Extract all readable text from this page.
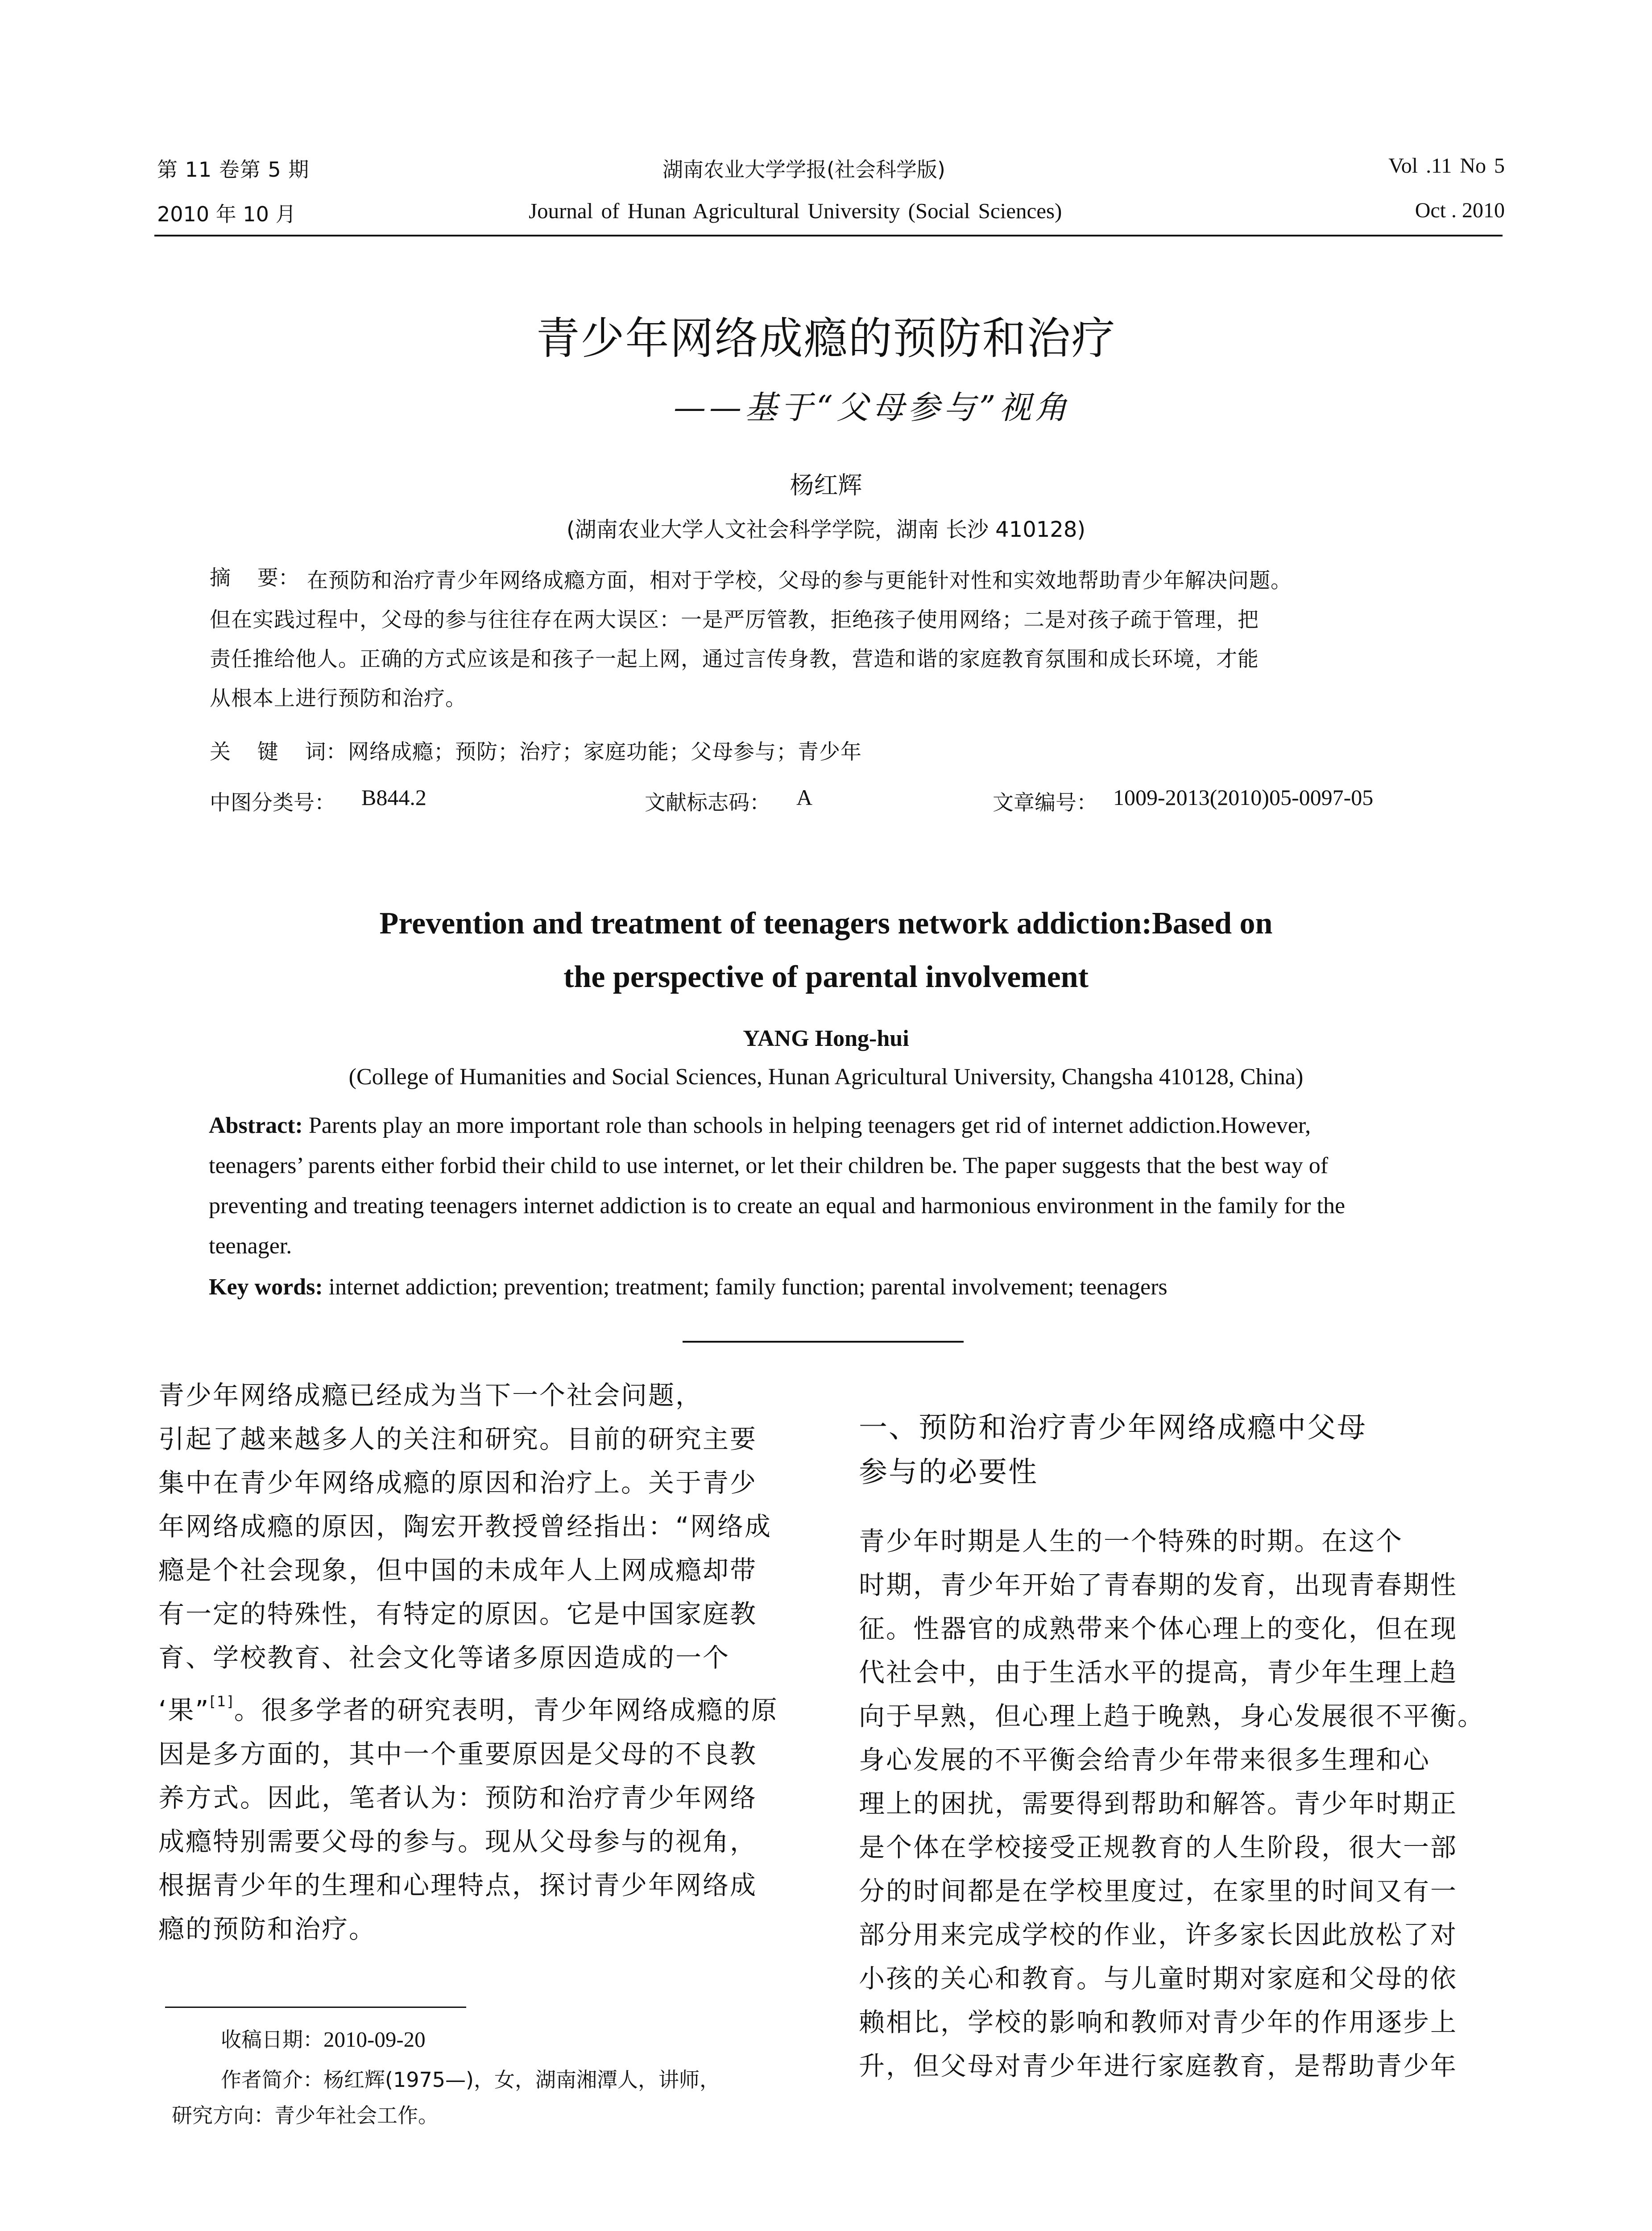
第 11 卷第 5 期	湖南农业大学学报(社会科学版)	Vol .11 No 5
2010 年 10 月	Journal of Hunan Agricultural University (Social Sciences)	Oct . 2010
青少年网络成瘾的预防和治疗
——基于“父母参与”视角
杨红辉
(湖南农业大学人文社会科学学院，湖南 长沙 410128)
摘    要： 在预防和治疗青少年网络成瘾方面，相对于学校，父母的参与更能针对性和实效地帮助青少年解决问题。
但在实践过程中，父母的参与往往存在两大误区：一是严厉管教，拒绝孩子使用网络；二是对孩子疏于管理，把
责任推给他人。正确的方式应该是和孩子一起上网，通过言传身教，营造和谐的家庭教育氛围和成长环境，才能
从根本上进行预防和治疗。
关    键    词： 网络成瘾；预防；治疗；家庭功能；父母参与；青少年
中图分类号： B844.2	文献标志码： A	文章编号： 1009-2013(2010)05-0097-05
Prevention and treatment of teenagers network addiction:Based on
the perspective of parental involvement
YANG Hong-hui
(College of Humanities and Social Sciences, Hunan Agricultural University, Changsha 410128, China)
Abstract: Parents play an more important role than schools in helping teenagers get rid of internet addiction.However,
teenagers’ parents either forbid their child to use internet, or let their children be. The paper suggests that the best way of
preventing and treating teenagers internet addiction is to create an equal and harmonious environment in the family for the
teenager.
Key words: internet addiction; prevention; treatment; family function; parental involvement; teenagers
青少年网络成瘾已经成为当下一个社会问题，
引起了越来越多人的关注和研究。目前的研究主要
集中在青少年网络成瘾的原因和治疗上。关于青少
年网络成瘾的原因，陶宏开教授曾经指出：“网络成
瘾是个社会现象，但中国的未成年人上网成瘾却带
有一定的特殊性，有特定的原因。它是中国家庭教
育、学校教育、社会文化等诸多原因造成的一个
‘果”[1]。很多学者的研究表明，青少年网络成瘾的原
因是多方面的，其中一个重要原因是父母的不良教
养方式。因此，笔者认为：预防和治疗青少年网络
成瘾特别需要父母的参与。现从父母参与的视角，
根据青少年的生理和心理特点，探讨青少年网络成
瘾的预防和治疗。
收稿日期：2010-09-20
作者简介：杨红辉(1975—)，女，湖南湘潭人，讲师，
研究方向：青少年社会工作。
一、预防和治疗青少年网络成瘾中父母
参与的必要性
青少年时期是人生的一个特殊的时期。在这个
时期，青少年开始了青春期的发育，出现青春期性
征。性器官的成熟带来个体心理上的变化，但在现
代社会中，由于生活水平的提高，青少年生理上趋
向于早熟，但心理上趋于晚熟，身心发展很不平衡。
身心发展的不平衡会给青少年带来很多生理和心
理上的困扰，需要得到帮助和解答。青少年时期正
是个体在学校接受正规教育的人生阶段，很大一部
分的时间都是在学校里度过，在家里的时间又有一
部分用来完成学校的作业，许多家长因此放松了对
小孩的关心和教育。与儿童时期对家庭和父母的依
赖相比，学校的影响和教师对青少年的作用逐步上
升，但父母对青少年进行家庭教育，是帮助青少年
